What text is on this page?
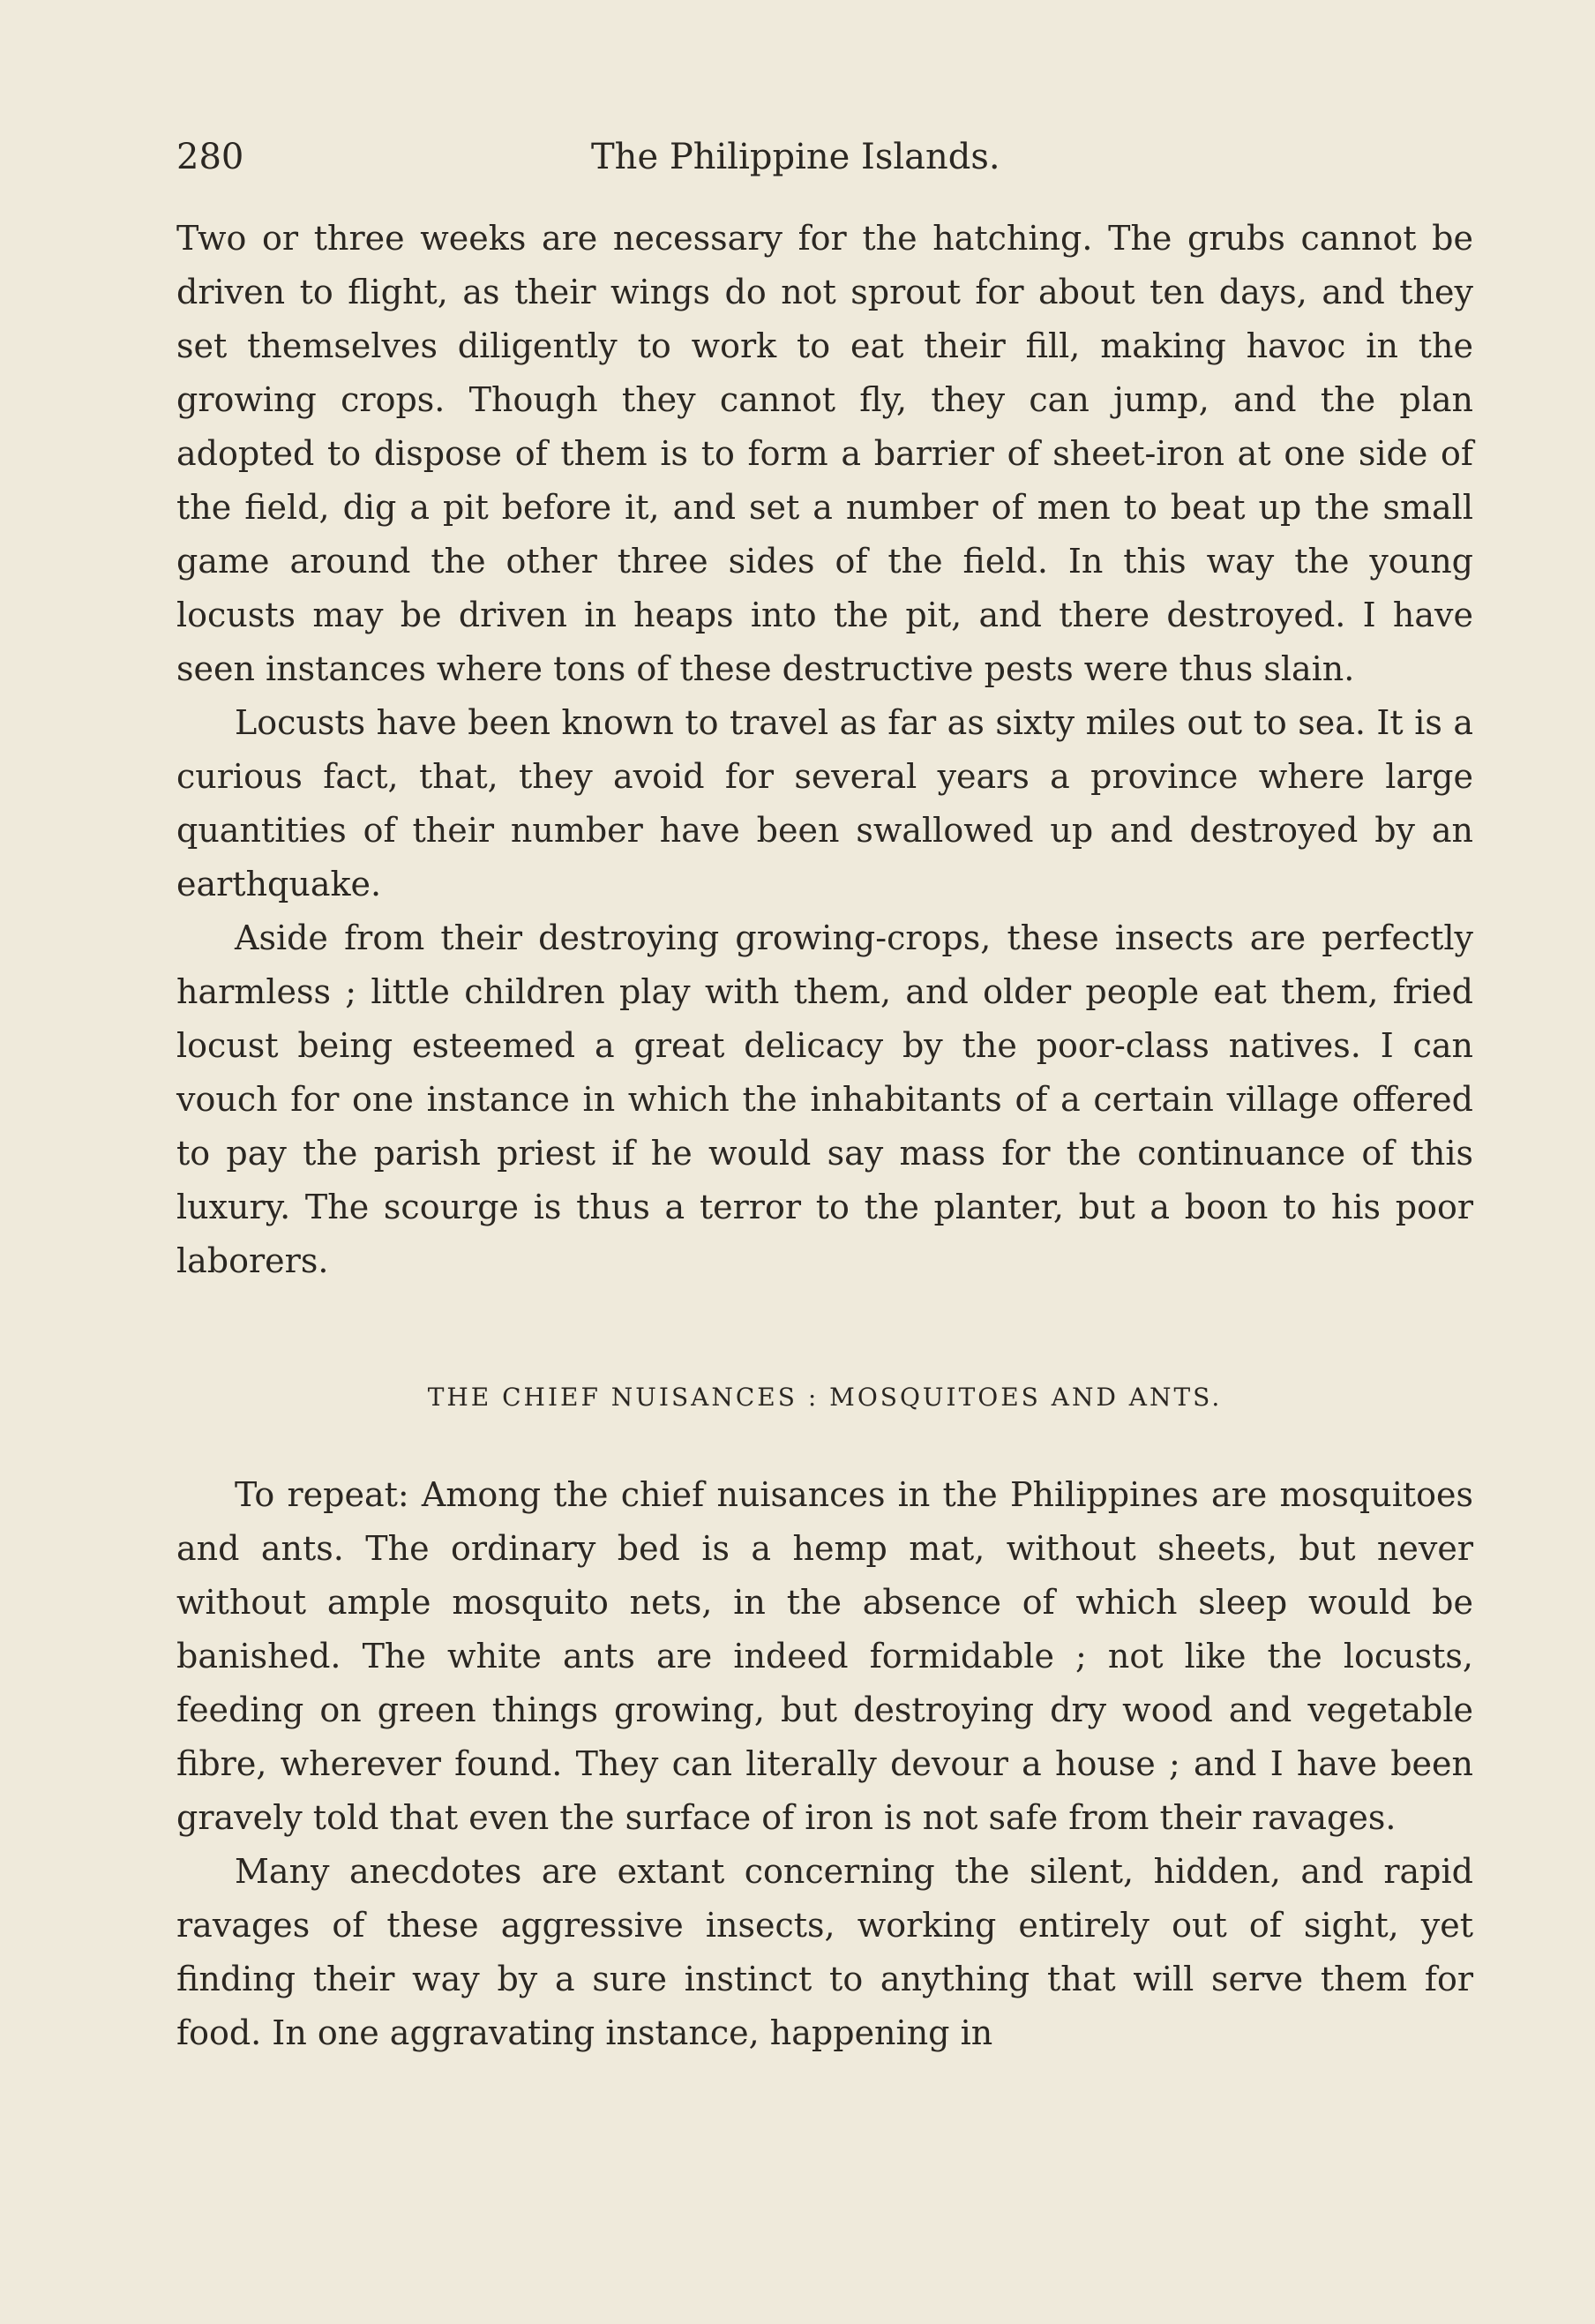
280	The Philippine Islands.

Two or three weeks are necessary for the hatching. The grubs cannot be driven to flight, as their wings do not sprout for about ten days, and they set themselves diligently to work to eat their fill, making havoc in the growing crops. Though they cannot fly, they can jump, and the plan adopted to dispose of them is to form a barrier of sheet-iron at one side of the field, dig a pit before it, and set a number of men to beat up the small game around the other three sides of the field. In this way the young locusts may be driven in heaps into the pit, and there destroyed. I have seen instances where tons of these destructive pests were thus slain.

Locusts have been known to travel as far as sixty miles out to sea. It is a curious fact, that, they avoid for several years a province where large quantities of their number have been swallowed up and destroyed by an earthquake.

Aside from their destroying growing-crops, these insects are perfectly harmless ; little children play with them, and older people eat them, fried locust being esteemed a great delicacy by the poor-class natives. I can vouch for one instance in which the inhabitants of a certain village offered to pay the parish priest if he would say mass for the continuance of this luxury. The scourge is thus a terror to the planter, but a boon to his poor laborers.

THE CHIEF NUISANCES : MOSQUITOES AND ANTS.

To repeat: Among the chief nuisances in the Philippines are mosquitoes and ants. The ordinary bed is a hemp mat, without sheets, but never without ample mosquito nets, in the absence of which sleep would be banished. The white ants are indeed formidable ; not like the locusts, feeding on green things growing, but destroying dry wood and vegetable fibre, wherever found. They can literally devour a house ; and I have been gravely told that even the surface of iron is not safe from their ravages.

Many anecdotes are extant concerning the silent, hidden, and rapid ravages of these aggressive insects, working entirely out of sight, yet finding their way by a sure instinct to anything that will serve them for food. In one aggravating instance, happening in
